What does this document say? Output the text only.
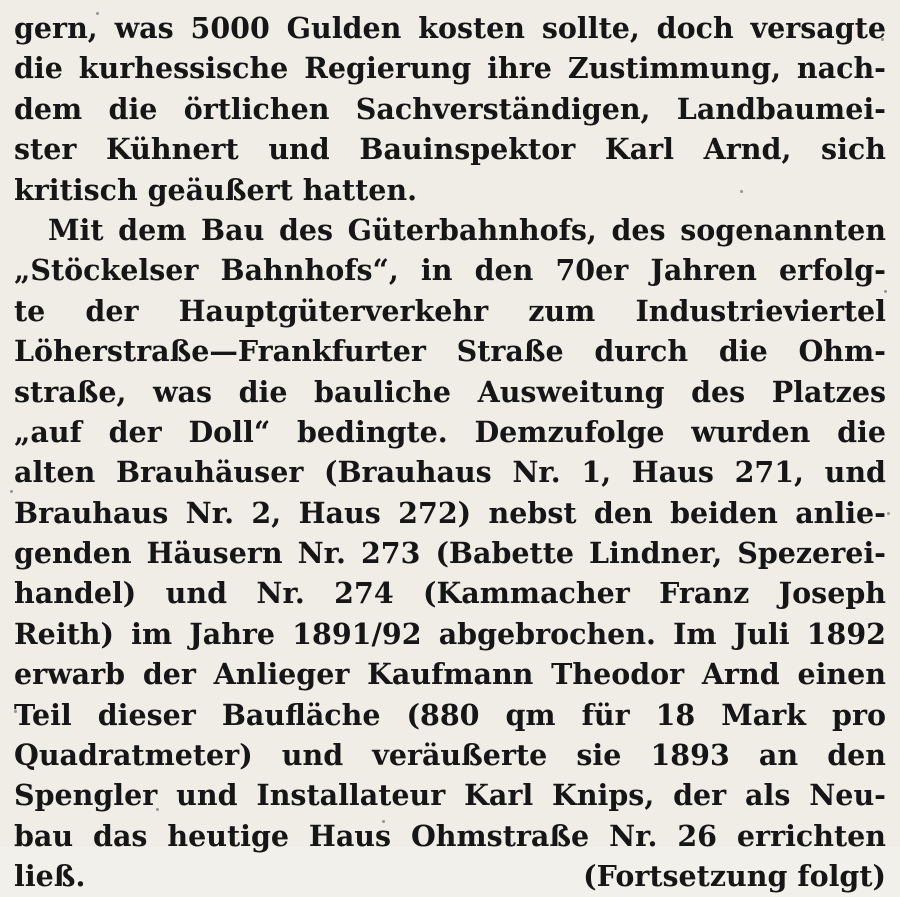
gern, was 5000 Gulden kosten sollte, doch versagte
die kurhessische Regierung ihre Zustimmung, nach-
dem die örtlichen Sachverständigen, Landbaumei-
ster Kühnert und Bauinspektor Karl Arnd, sich
kritisch geäußert hatten.
Mit dem Bau des Güterbahnhofs, des sogenannten
„Stöckelser Bahnhofs“, in den 70er Jahren erfolg-
te der Hauptgüterverkehr zum Industrieviertel
Löherstraße—Frankfurter Straße durch die Ohm-
straße, was die bauliche Ausweitung des Platzes
„auf der Doll“ bedingte. Demzufolge wurden die
alten Brauhäuser (Brauhaus Nr. 1, Haus 271, und
Brauhaus Nr. 2, Haus 272) nebst den beiden anlie-
genden Häusern Nr. 273 (Babette Lindner, Spezerei-
handel) und Nr. 274 (Kammacher Franz Joseph
Reith) im Jahre 1891/92 abgebrochen. Im Juli 1892
erwarb der Anlieger Kaufmann Theodor Arnd einen
Teil dieser Baufläche (880 qm für 18 Mark pro
Quadratmeter) und veräußerte sie 1893 an den
Spengler und Installateur Karl Knips, der als Neu-
bau das heutige Haus Ohmstraße Nr. 26 errichten
ließ.	(Fortsetzung folgt)
